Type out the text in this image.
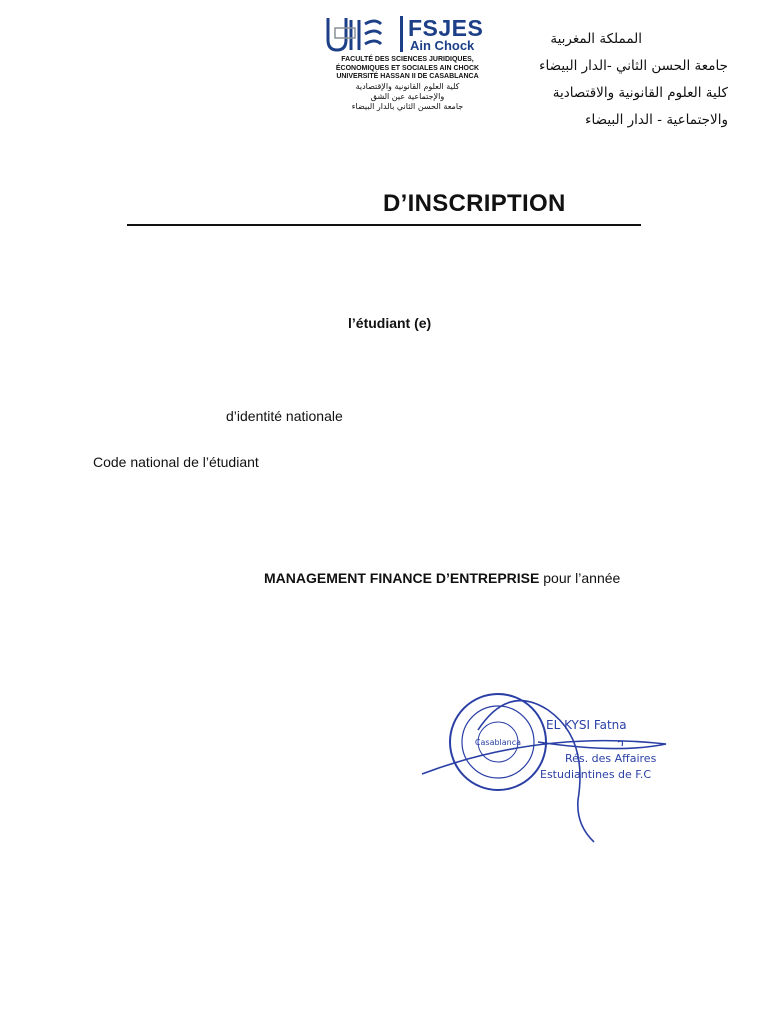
FSJES
Ain Chock
FACULTÉ DES SCIENCES JURIDIQUES,
ÉCONOMIQUES ET SOCIALES AIN CHOCK
UNIVERSITÉ HASSAN II DE CASABLANCA
كلية العلوم القانونية والإقتصادية
والإجتماعية عين الشق
جامعة الحسن الثاني بالدار البيضاء
المملكة المغربية
جامعة الحسن الثاني -الدار البيضاء
كلية العلوم القانونية والاقتصادية
والاجتماعية - الدار البيضاء
D’INSCRIPTION
l’étudiant (e)
d’identité nationale
Code national de l’étudiant
MANAGEMENT FINANCE D’ENTREPRISE pour l’année
Casablanca
EL KYSI Fatna
Rés. des Affaires
Estudiantines de F.C
